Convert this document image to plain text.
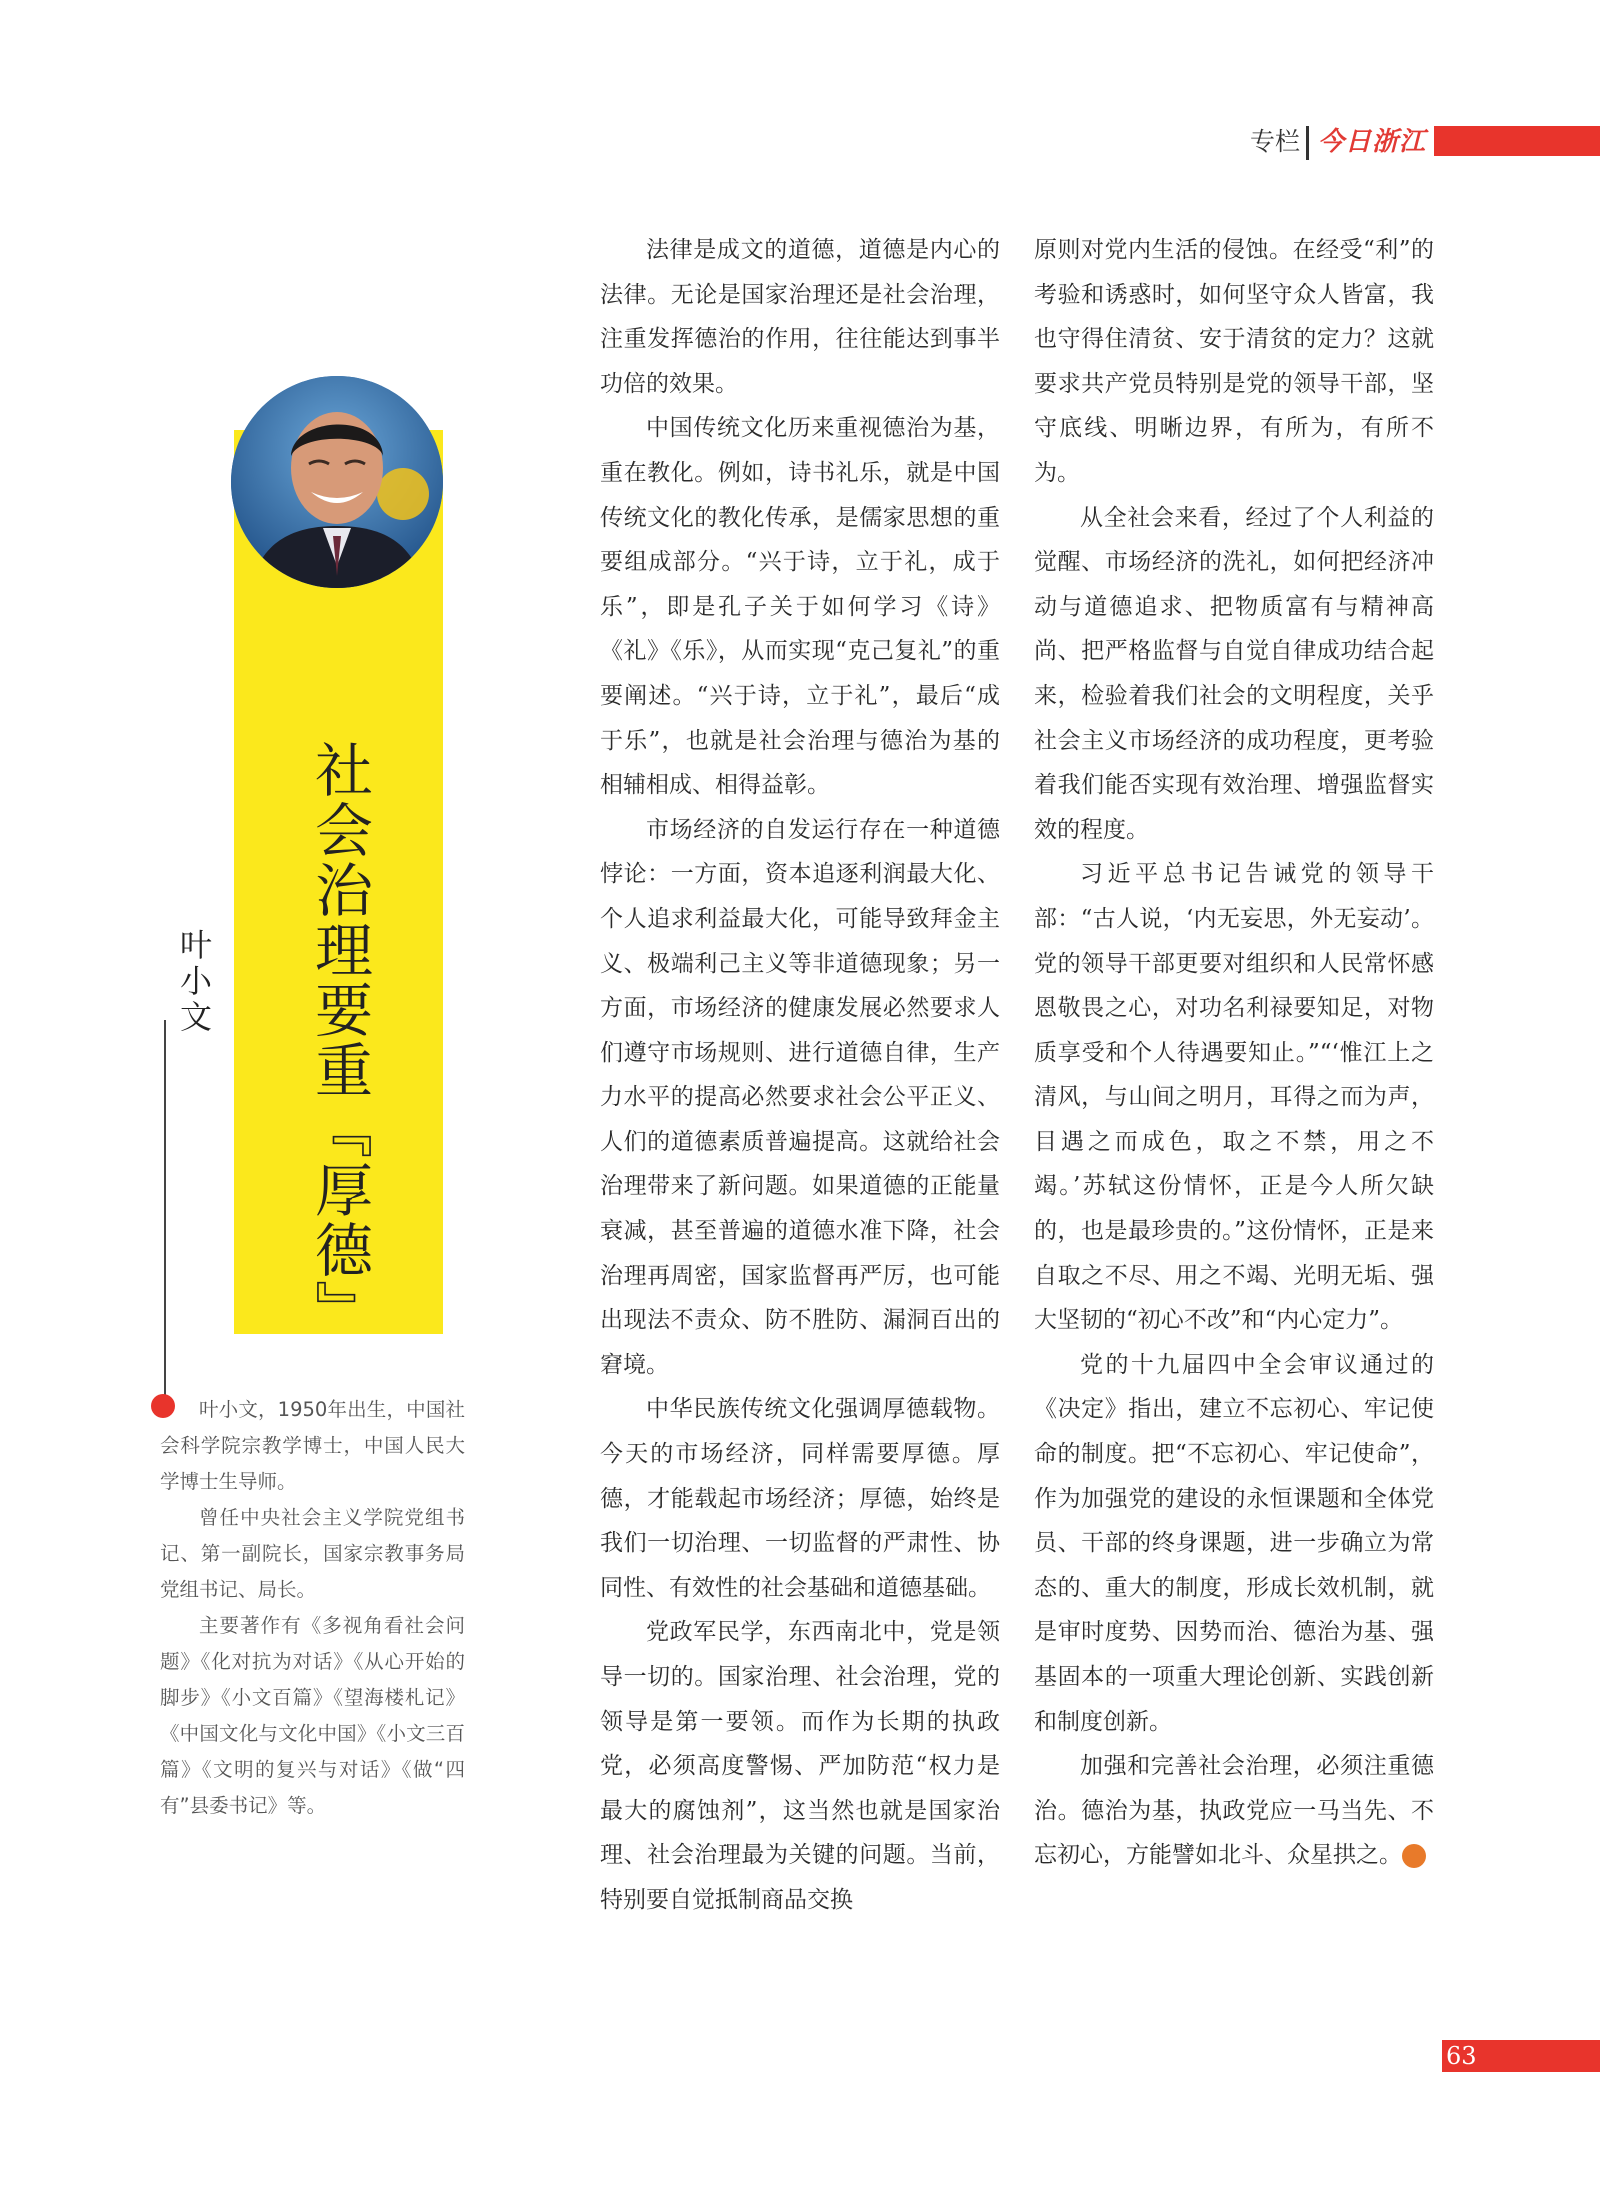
专栏 今日浙江
社会治理要重『厚德』
叶小文

叶小文，1950年出生，中国社会科学院宗教学博士，中国人民大学博士生导师。

曾任中央社会主义学院党组书记、第一副院长，国家宗教事务局党组书记、局长。

主要著作有《多视角看社会问题》《化对抗为对话》《从心开始的脚步》《小文百篇》《望海楼札记》《中国文化与文化中国》《小文三百篇》《文明的复兴与对话》《做“四有”县委书记》等。

法律是成文的道德，道德是内心的法律。无论是国家治理还是社会治理，注重发挥德治的作用，往往能达到事半功倍的效果。

中国传统文化历来重视德治为基，重在教化。例如，诗书礼乐，就是中国传统文化的教化传承，是儒家思想的重要组成部分。“兴于诗，立于礼，成于乐”，即是孔子关于如何学习《诗》《礼》《乐》，从而实现“克己复礼”的重要阐述。“兴于诗，立于礼”，最后“成于乐”，也就是社会治理与德治为基的相辅相成、相得益彰。

市场经济的自发运行存在一种道德悖论：一方面，资本追逐利润最大化、个人追求利益最大化，可能导致拜金主义、极端利己主义等非道德现象；另一方面，市场经济的健康发展必然要求人们遵守市场规则、进行道德自律，生产力水平的提高必然要求社会公平正义、人们的道德素质普遍提高。这就给社会治理带来了新问题。如果道德的正能量衰减，甚至普遍的道德水准下降，社会治理再周密，国家监督再严厉，也可能出现法不责众、防不胜防、漏洞百出的窘境。

中华民族传统文化强调厚德载物。今天的市场经济，同样需要厚德。厚德，才能载起市场经济；厚德，始终是我们一切治理、一切监督的严肃性、协同性、有效性的社会基础和道德基础。

党政军民学，东西南北中，党是领导一切的。国家治理、社会治理，党的领导是第一要领。而作为长期的执政党，必须高度警惕、严加防范“权力是最大的腐蚀剂”，这当然也就是国家治理、社会治理最为关键的问题。当前，特别要自觉抵制商品交换

原则对党内生活的侵蚀。在经受“利”的考验和诱惑时，如何坚守众人皆富，我也守得住清贫、安于清贫的定力？这就要求共产党员特别是党的领导干部，坚守底线、明晰边界，有所为，有所不为。

从全社会来看，经过了个人利益的觉醒、市场经济的洗礼，如何把经济冲动与道德追求、把物质富有与精神高尚、把严格监督与自觉自律成功结合起来，检验着我们社会的文明程度，关乎社会主义市场经济的成功程度，更考验着我们能否实现有效治理、增强监督实效的程度。

习近平总书记告诫党的领导干部：“古人说，‘内无妄思，外无妄动’。党的领导干部更要对组织和人民常怀感恩敬畏之心，对功名利禄要知足，对物质享受和个人待遇要知止。”“‘惟江上之清风，与山间之明月，耳得之而为声，目遇之而成色，取之不禁，用之不竭。’苏轼这份情怀，正是今人所欠缺的，也是最珍贵的。”这份情怀，正是来自取之不尽、用之不竭、光明无垢、强大坚韧的“初心不改”和“内心定力”。

党的十九届四中全会审议通过的《决定》指出，建立不忘初心、牢记使命的制度。把“不忘初心、牢记使命”，作为加强党的建设的永恒课题和全体党员、干部的终身课题，进一步确立为常态的、重大的制度，形成长效机制，就是审时度势、因势而治、德治为基、强基固本的一项重大理论创新、实践创新和制度创新。

加强和完善社会治理，必须注重德治。德治为基，执政党应一马当先、不忘初心，方能譬如北斗、众星拱之。	今

63
